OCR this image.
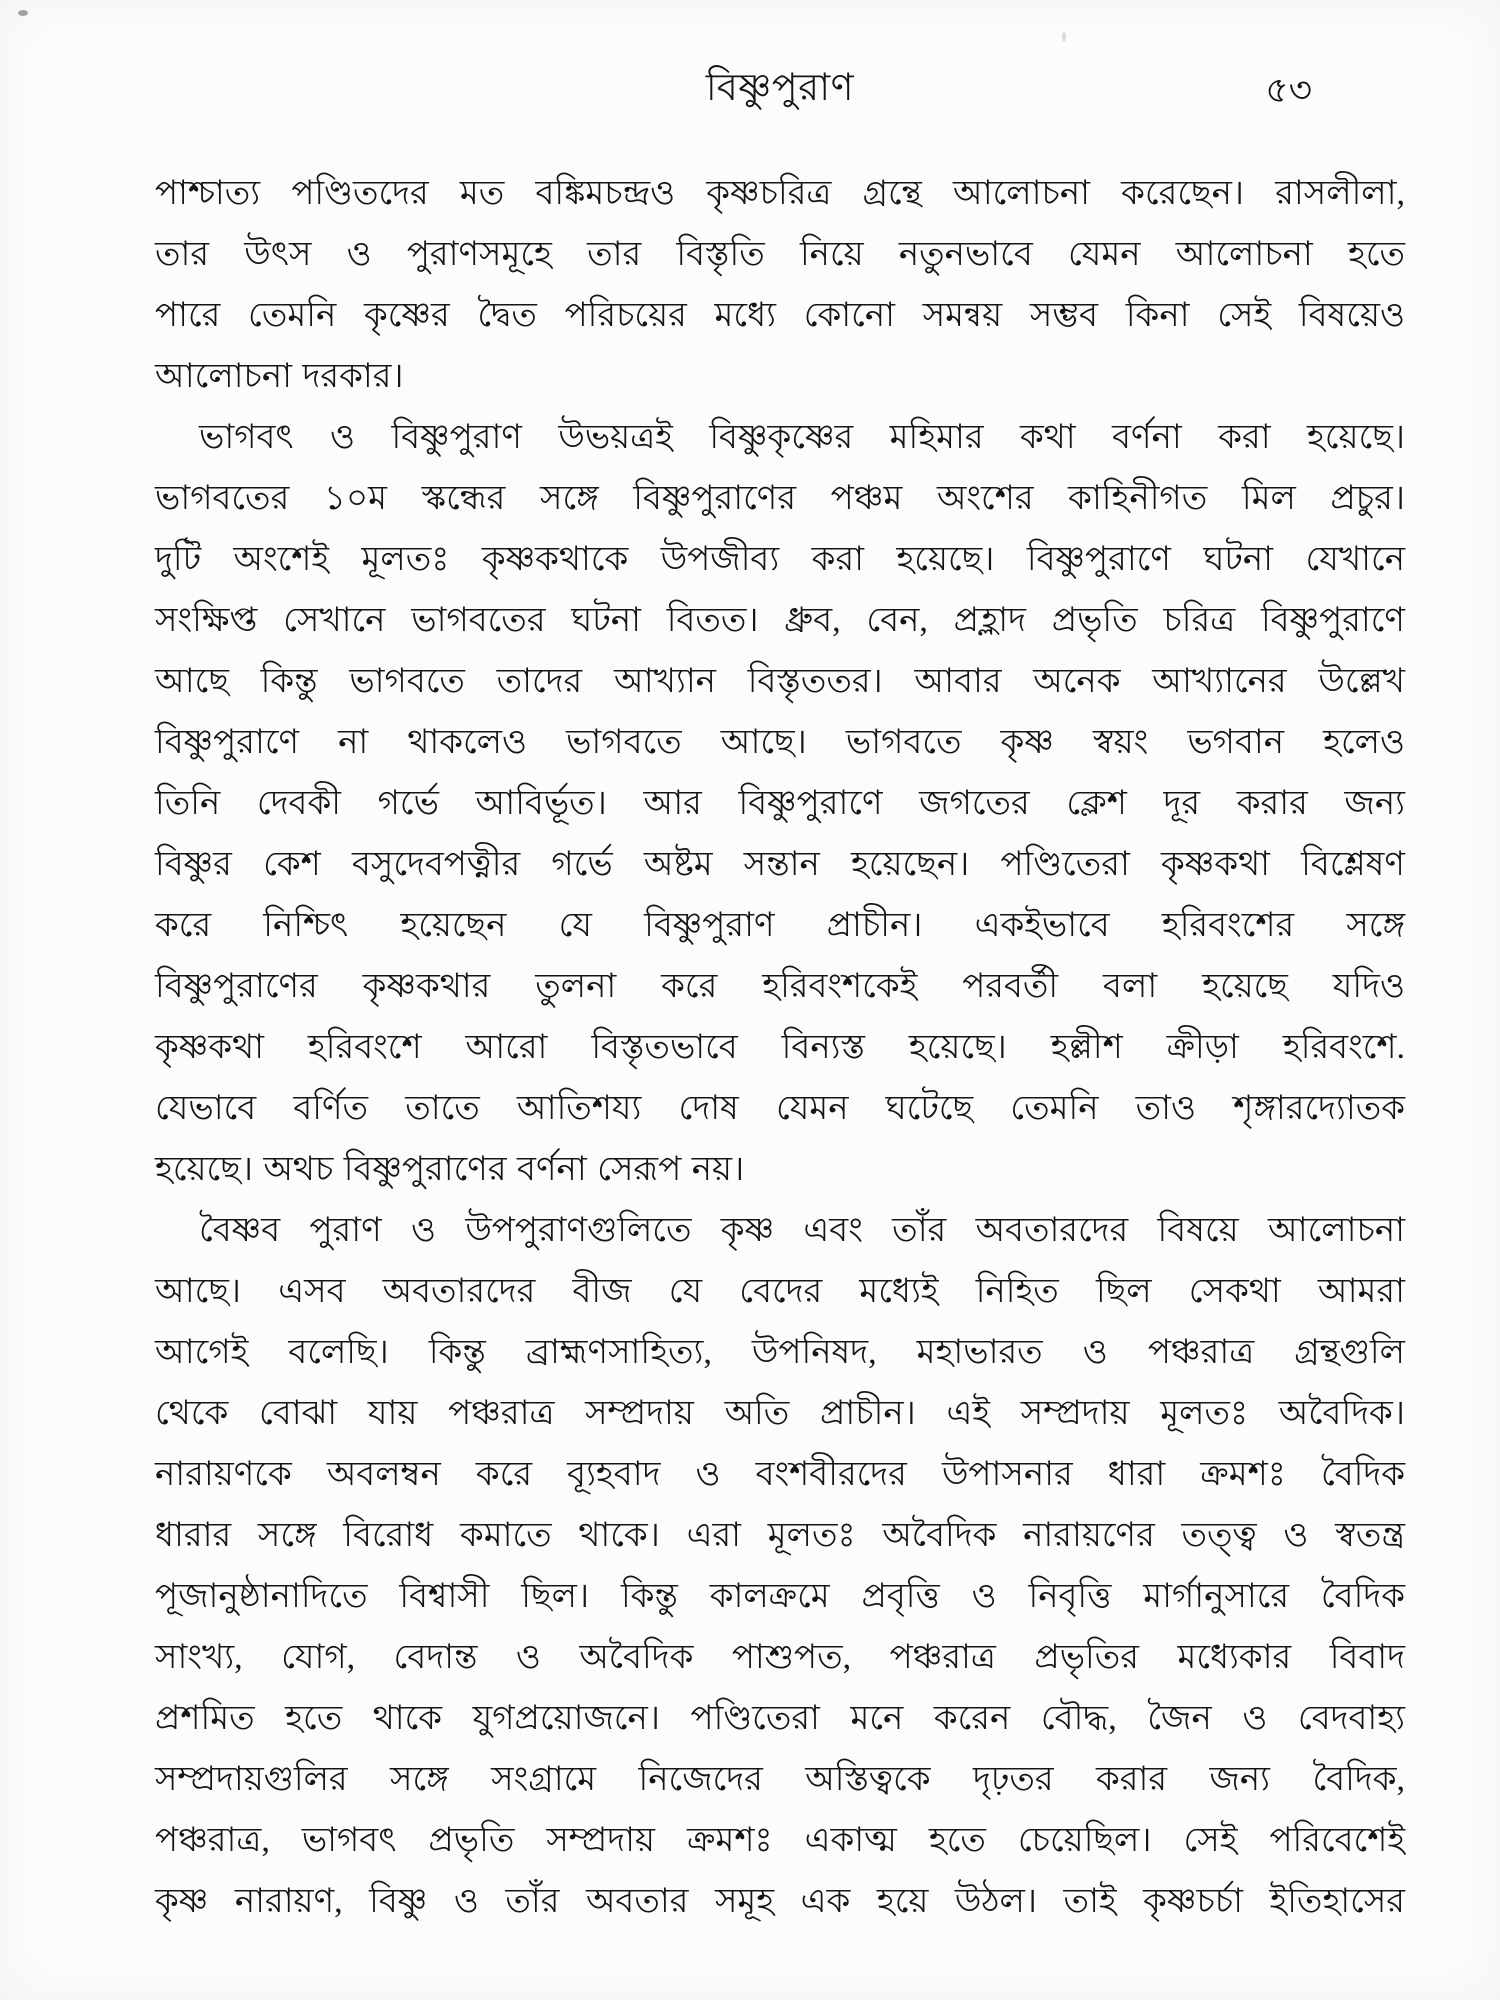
বিষ্ণুপুরাণ	৫৩
পাশ্চাত্য পণ্ডিতদের মত বঙ্কিমচন্দ্রও কৃষ্ণচরিত্র গ্রন্থে আলোচনা করেছেন। রাসলীলা,
তার উৎস ও পুরাণসমূহে তার বিস্তৃতি নিয়ে নতুনভাবে যেমন আলোচনা হতে
পারে তেমনি কৃষ্ণের দ্বৈত পরিচয়ের মধ্যে কোনো সমন্বয় সম্ভব কিনা সেই বিষয়েও
আলোচনা দরকার।
ভাগবৎ ও বিষ্ণুপুরাণ উভয়ত্রই বিষ্ণুকৃষ্ণের মহিমার কথা বর্ণনা করা হয়েছে।
ভাগবতের ১০ম স্কন্ধের সঙ্গে বিষ্ণুপুরাণের পঞ্চম অংশের কাহিনীগত মিল প্রচুর।
দুটি অংশেই মূলতঃ কৃষ্ণকথাকে উপজীব্য করা হয়েছে। বিষ্ণুপুরাণে ঘটনা যেখানে
সংক্ষিপ্ত সেখানে ভাগবতের ঘটনা বিতত। ধ্রুব, বেন, প্রহ্লাদ প্রভৃতি চরিত্র বিষ্ণুপুরাণে
আছে কিন্তু ভাগবতে তাদের আখ্যান বিস্তৃততর। আবার অনেক আখ্যানের উল্লেখ
বিষ্ণুপুরাণে না থাকলেও ভাগবতে আছে। ভাগবতে কৃষ্ণ স্বয়ং ভগবান হলেও
তিনি দেবকী গর্ভে আবির্ভূত। আর বিষ্ণুপুরাণে জগতের ক্লেশ দূর করার জন্য
বিষ্ণুর কেশ বসুদেবপত্নীর গর্ভে অষ্টম সন্তান হয়েছেন। পণ্ডিতেরা কৃষ্ণকথা বিশ্লেষণ
করে নিশ্চিৎ হয়েছেন যে বিষ্ণুপুরাণ প্রাচীন। একইভাবে হরিবংশের সঙ্গে
বিষ্ণুপুরাণের কৃষ্ণকথার তুলনা করে হরিবংশকেই পরবর্তী বলা হয়েছে যদিও
কৃষ্ণকথা হরিবংশে আরো বিস্তৃতভাবে বিন্যস্ত হয়েছে। হল্লীশ ক্রীড়া হরিবংশে.
যেভাবে বর্ণিত তাতে আতিশয্য দোষ যেমন ঘটেছে তেমনি তাও শৃঙ্গারদ্যোতক
হয়েছে। অথচ বিষ্ণুপুরাণের বর্ণনা সেরূপ নয়।
বৈষ্ণব পুরাণ ও উপপুরাণগুলিতে কৃষ্ণ এবং তাঁর অবতারদের বিষয়ে আলোচনা
আছে। এসব অবতারদের বীজ যে বেদের মধ্যেই নিহিত ছিল সেকথা আমরা
আগেই বলেছি। কিন্তু ব্রাহ্মণসাহিত্য, উপনিষদ, মহাভারত ও পঞ্চরাত্র গ্রন্থগুলি
থেকে বোঝা যায় পঞ্চরাত্র সম্প্রদায় অতি প্রাচীন। এই সম্প্রদায় মূলতঃ অবৈদিক।
নারায়ণকে অবলম্বন করে ব্যূহবাদ ও বংশবীরদের উপাসনার ধারা ক্রমশঃ বৈদিক
ধারার সঙ্গে বিরোধ কমাতে থাকে। এরা মূলতঃ অবৈদিক নারায়ণের তত্ত্ব ও স্বতন্ত্র
পূজানুষ্ঠানাদিতে বিশ্বাসী ছিল। কিন্তু কালক্রমে প্রবৃত্তি ও নিবৃত্তি মার্গানুসারে বৈদিক
সাংখ্য, যোগ, বেদান্ত ও অবৈদিক পাশুপত, পঞ্চরাত্র প্রভৃতির মধ্যেকার বিবাদ
প্রশমিত হতে থাকে যুগপ্রয়োজনে। পণ্ডিতেরা মনে করেন বৌদ্ধ, জৈন ও বেদবাহ্য
সম্প্রদায়গুলির সঙ্গে সংগ্রামে নিজেদের অস্তিত্বকে দৃঢ়তর করার জন্য বৈদিক,
পঞ্চরাত্র, ভাগবৎ প্রভৃতি সম্প্রদায় ক্রমশঃ একাত্ম হতে চেয়েছিল। সেই পরিবেশেই
কৃষ্ণ নারায়ণ, বিষ্ণু ও তাঁর অবতার সমূহ এক হয়ে উঠল। তাই কৃষ্ণচর্চা ইতিহাসের
